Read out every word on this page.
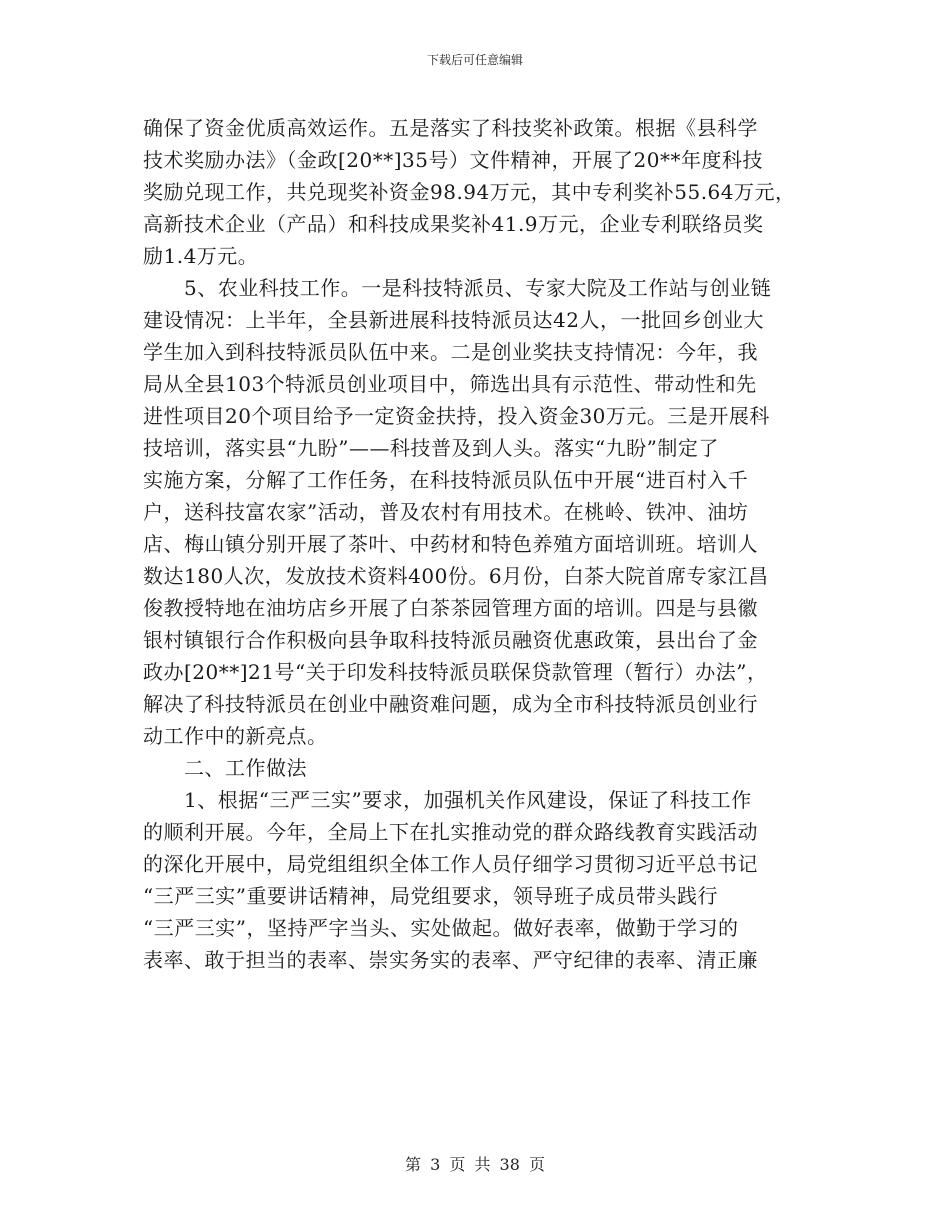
下载后可任意编辑
确保了资金优质高效运作。五是落实了科技奖补政策。根据《县科学
技术奖励办法》（金政[20**]35号）文件精神，开展了20**年度科技
奖励兑现工作，共兑现奖补资金98.94万元，其中专利奖补55.64万元，
高新技术企业（产品）和科技成果奖补41.9万元，企业专利联络员奖
励1.4万元。
　　5、农业科技工作。一是科技特派员、专家大院及工作站与创业链
建设情况：上半年，全县新进展科技特派员达42人，一批回乡创业大
学生加入到科技特派员队伍中来。二是创业奖扶支持情况：今年，我
局从全县103个特派员创业项目中，筛选出具有示范性、带动性和先
进性项目20个项目给予一定资金扶持，投入资金30万元。三是开展科
技培训，落实县“九盼”——科技普及到人头。落实“九盼”制定了
实施方案，分解了工作任务，在科技特派员队伍中开展“进百村入千
户，送科技富农家”活动，普及农村有用技术。在桃岭、铁冲、油坊
店、梅山镇分别开展了茶叶、中药材和特色养殖方面培训班。培训人
数达180人次，发放技术资料400份。6月份，白茶大院首席专家江昌
俊教授特地在油坊店乡开展了白茶茶园管理方面的培训。四是与县徽
银村镇银行合作积极向县争取科技特派员融资优惠政策，县出台了金
政办[20**]21号“关于印发科技特派员联保贷款管理（暂行）办法”，
解决了科技特派员在创业中融资难问题，成为全市科技特派员创业行
动工作中的新亮点。
　　二、工作做法
　　1、根据“三严三实”要求，加强机关作风建设，保证了科技工作
的顺利开展。今年，全局上下在扎实推动党的群众路线教育实践活动
的深化开展中，局党组组织全体工作人员仔细学习贯彻习近平总书记
“三严三实”重要讲话精神，局党组要求，领导班子成员带头践行
“三严三实”，坚持严字当头、实处做起。做好表率，做勤于学习的
表率、敢于担当的表率、崇实务实的表率、严守纪律的表率、清正廉
第 3 页 共 38 页
